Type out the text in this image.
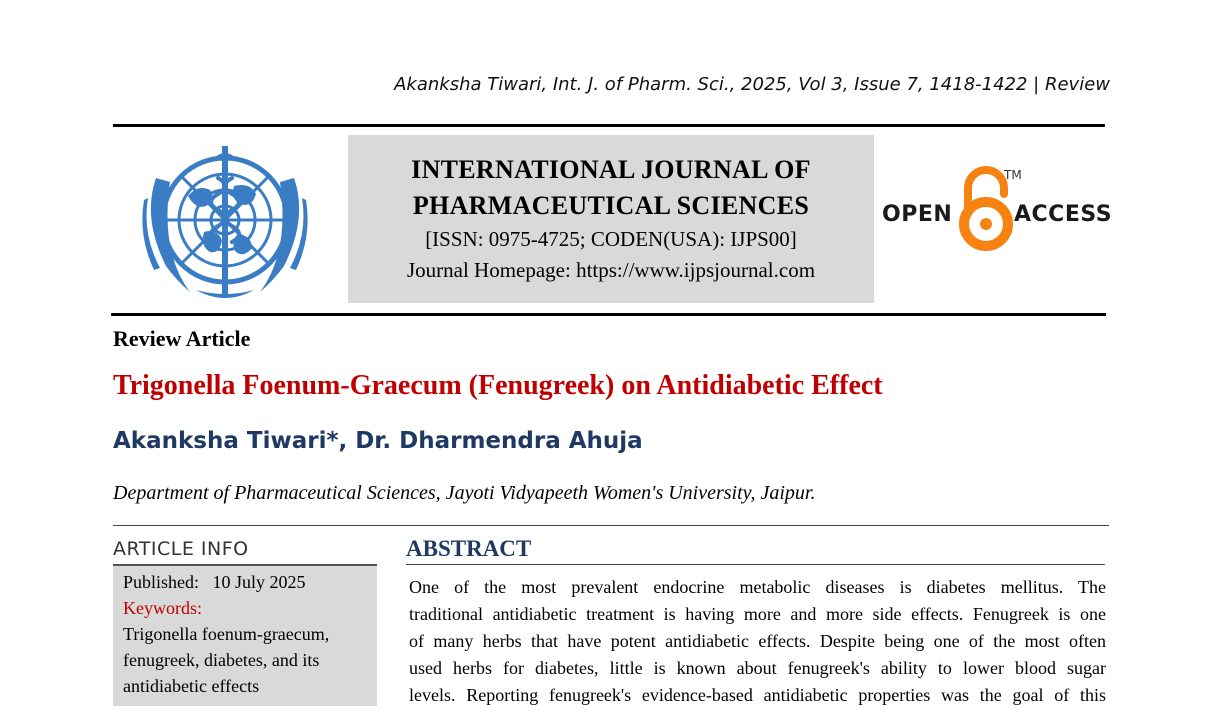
Akanksha Tiwari, Int. J. of Pharm. Sci., 2025, Vol 3, Issue 7, 1418-1422 | Review
INTERNATIONAL JOURNAL OF
PHARMACEUTICAL SCIENCES
[ISSN: 0975-4725; CODEN(USA): IJPS00]
Journal Homepage: https://www.ijpsjournal.com
OPEN
TM
ACCESS
Review Article
Trigonella Foenum-Graecum (Fenugreek) on Antidiabetic Effect
Akanksha Tiwari*, Dr. Dharmendra Ahuja
Department of Pharmaceutical Sciences, Jayoti Vidyapeeth Women's University, Jaipur.
ARTICLE INFO
Published: 10 July 2025
Keywords:
Trigonella foenum-graecum,
fenugreek, diabetes, and its
antidiabetic effects
ABSTRACT
One of the most prevalent endocrine metabolic diseases is diabetes mellitus. The
traditional antidiabetic treatment is having more and more side effects. Fenugreek is one
of many herbs that have potent antidiabetic effects. Despite being one of the most often
used herbs for diabetes, little is known about fenugreek's ability to lower blood sugar
levels. Reporting fenugreek's evidence-based antidiabetic properties was the goal of this
